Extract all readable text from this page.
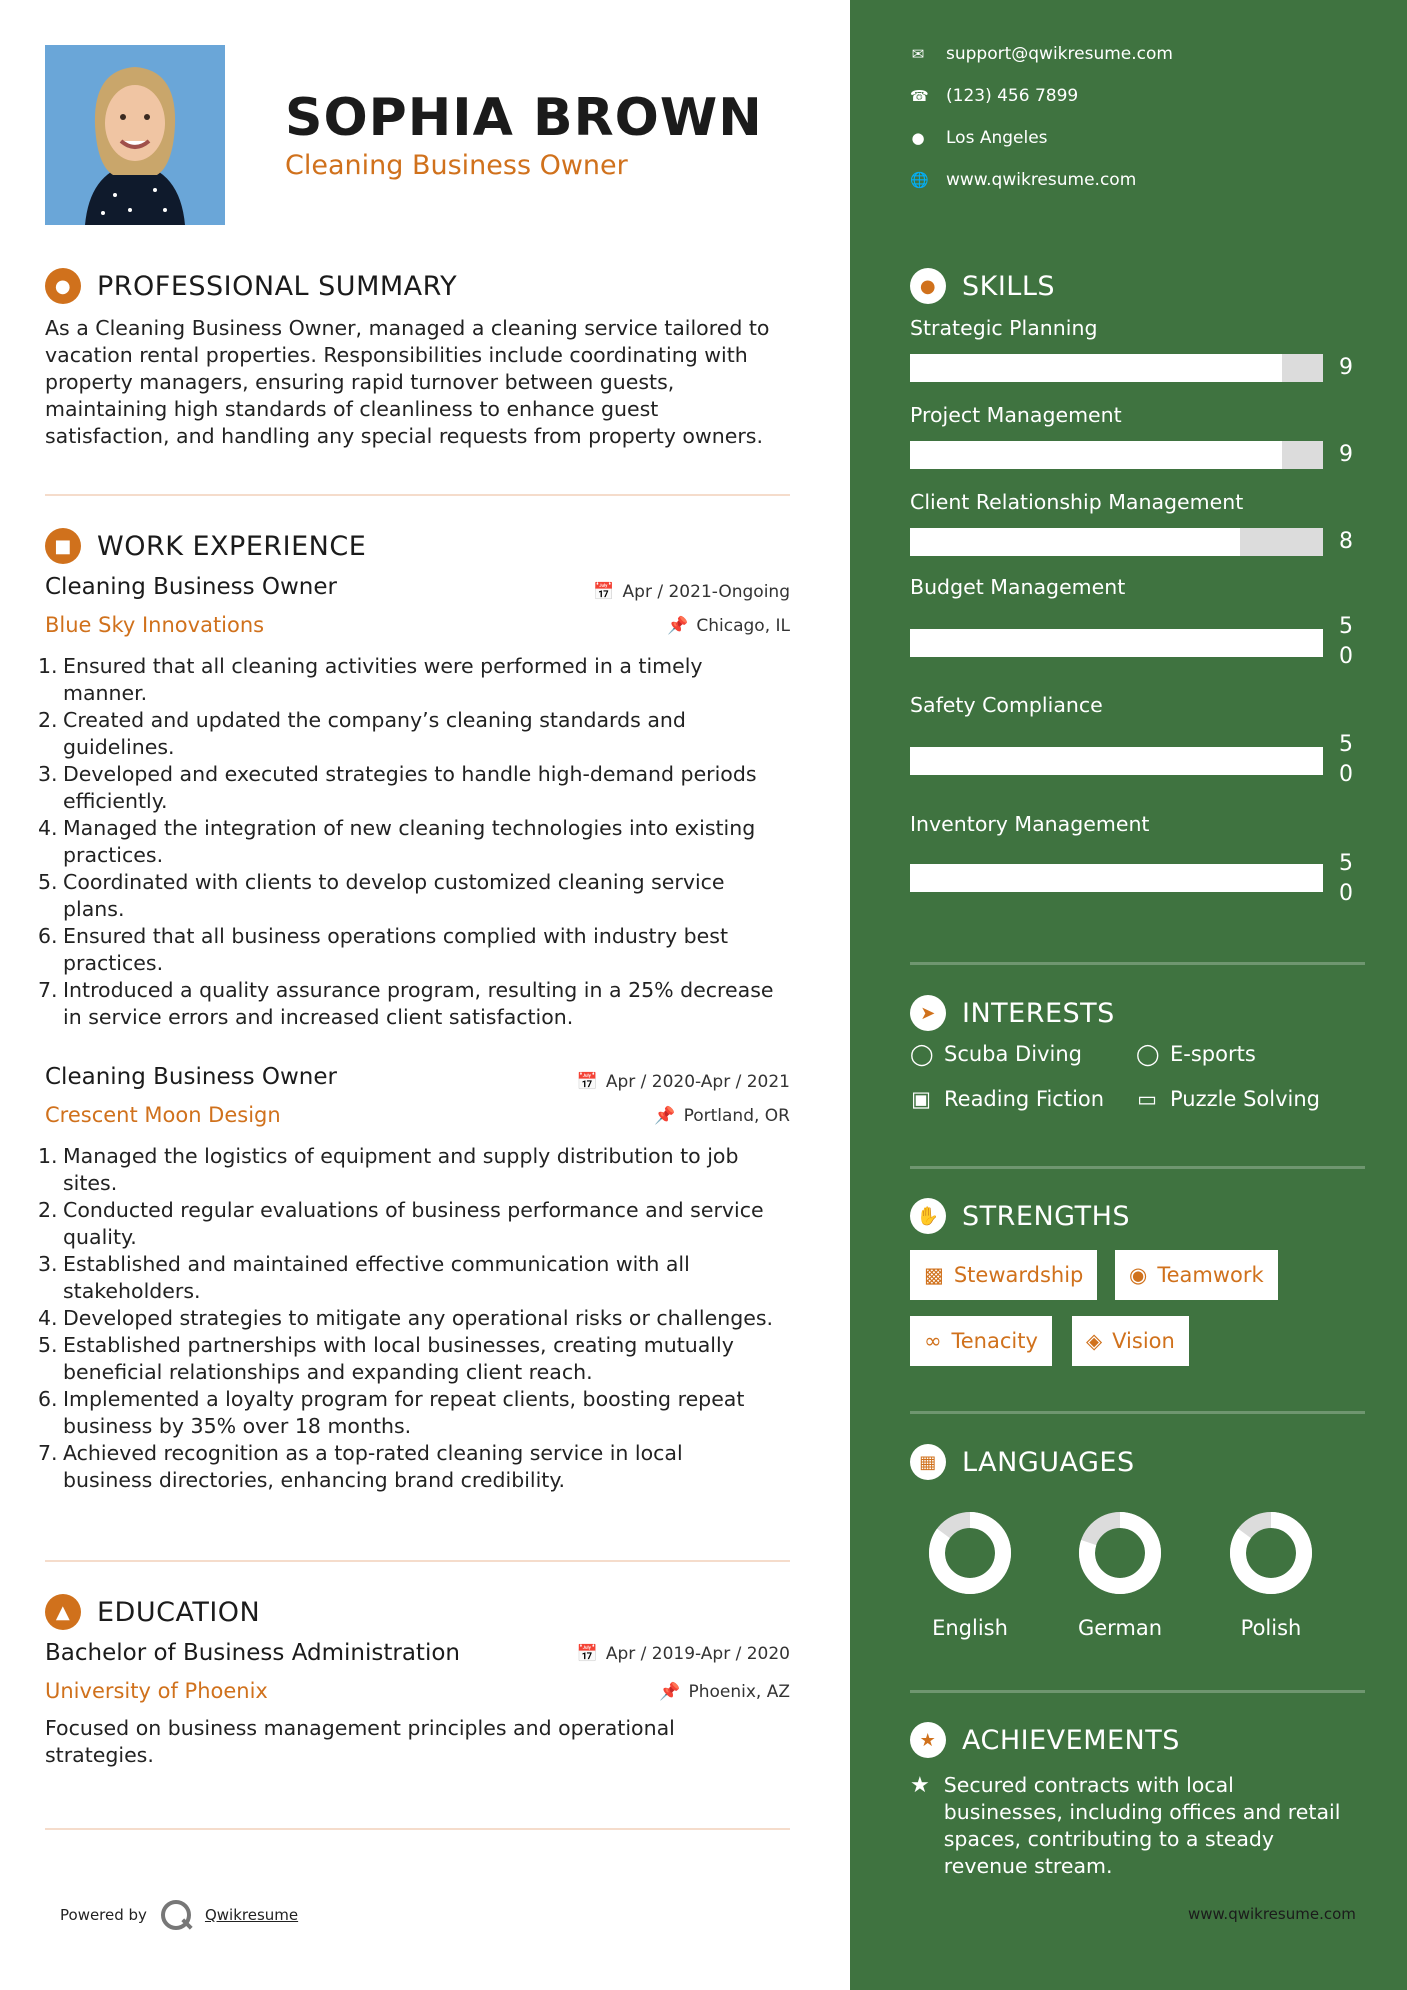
SOPHIA BROWN
Cleaning Business Owner
● PROFESSIONAL SUMMARY
As a Cleaning Business Owner, managed a cleaning service tailored to
vacation rental properties. Responsibilities include coordinating with
property managers, ensuring rapid turnover between guests,
maintaining high standards of cleanliness to enhance guest
satisfaction, and handling any special requests from property owners.
■ WORK EXPERIENCE
Cleaning Business Owner	📅 Apr / 2021-Ongoing
Blue Sky Innovations	📌 Chicago, IL
1. Ensured that all cleaning activities were performed in a timely
manner.
2. Created and updated the company’s cleaning standards and
guidelines.
3. Developed and executed strategies to handle high-demand periods
efficiently.
4. Managed the integration of new cleaning technologies into existing
practices.
5. Coordinated with clients to develop customized cleaning service
plans.
6. Ensured that all business operations complied with industry best
practices.
7. Introduced a quality assurance program, resulting in a 25% decrease
in service errors and increased client satisfaction.
Cleaning Business Owner	📅 Apr / 2020-Apr / 2021
Crescent Moon Design	📌 Portland, OR
1. Managed the logistics of equipment and supply distribution to job
sites.
2. Conducted regular evaluations of business performance and service
quality.
3. Established and maintained effective communication with all
stakeholders.
4. Developed strategies to mitigate any operational risks or challenges.
5. Established partnerships with local businesses, creating mutually
beneficial relationships and expanding client reach.
6. Implemented a loyalty program for repeat clients, boosting repeat
business by 35% over 18 months.
7. Achieved recognition as a top-rated cleaning service in local
business directories, enhancing brand credibility.
▲ EDUCATION
Bachelor of Business Administration	📅 Apr / 2019-Apr / 2020
University of Phoenix	📌 Phoenix, AZ
Focused on business management principles and operational
strategies.
Powered by	Qwikresume
✉ support@qwikresume.com
☎ (123) 456 7899
● Los Angeles
🌐 www.qwikresume.com
● SKILLS
Strategic Planning
9
Project Management
9
Client Relationship Management
8
Budget Management
5
0
Safety Compliance
5
0
Inventory Management
5
0
➤ INTERESTS
◯ Scuba Diving	◯ E-sports
▣ Reading Fiction ▭ Puzzle Solving
✋ STRENGTHS
▩ Stewardship ◉ Teamwork
∞ Tenacity ◈ Vision
▦ LANGUAGES
English	German	Polish
★ ACHIEVEMENTS
★ Secured contracts with local
businesses, including offices and retail
spaces, contributing to a steady
revenue stream.
www.qwikresume.com
